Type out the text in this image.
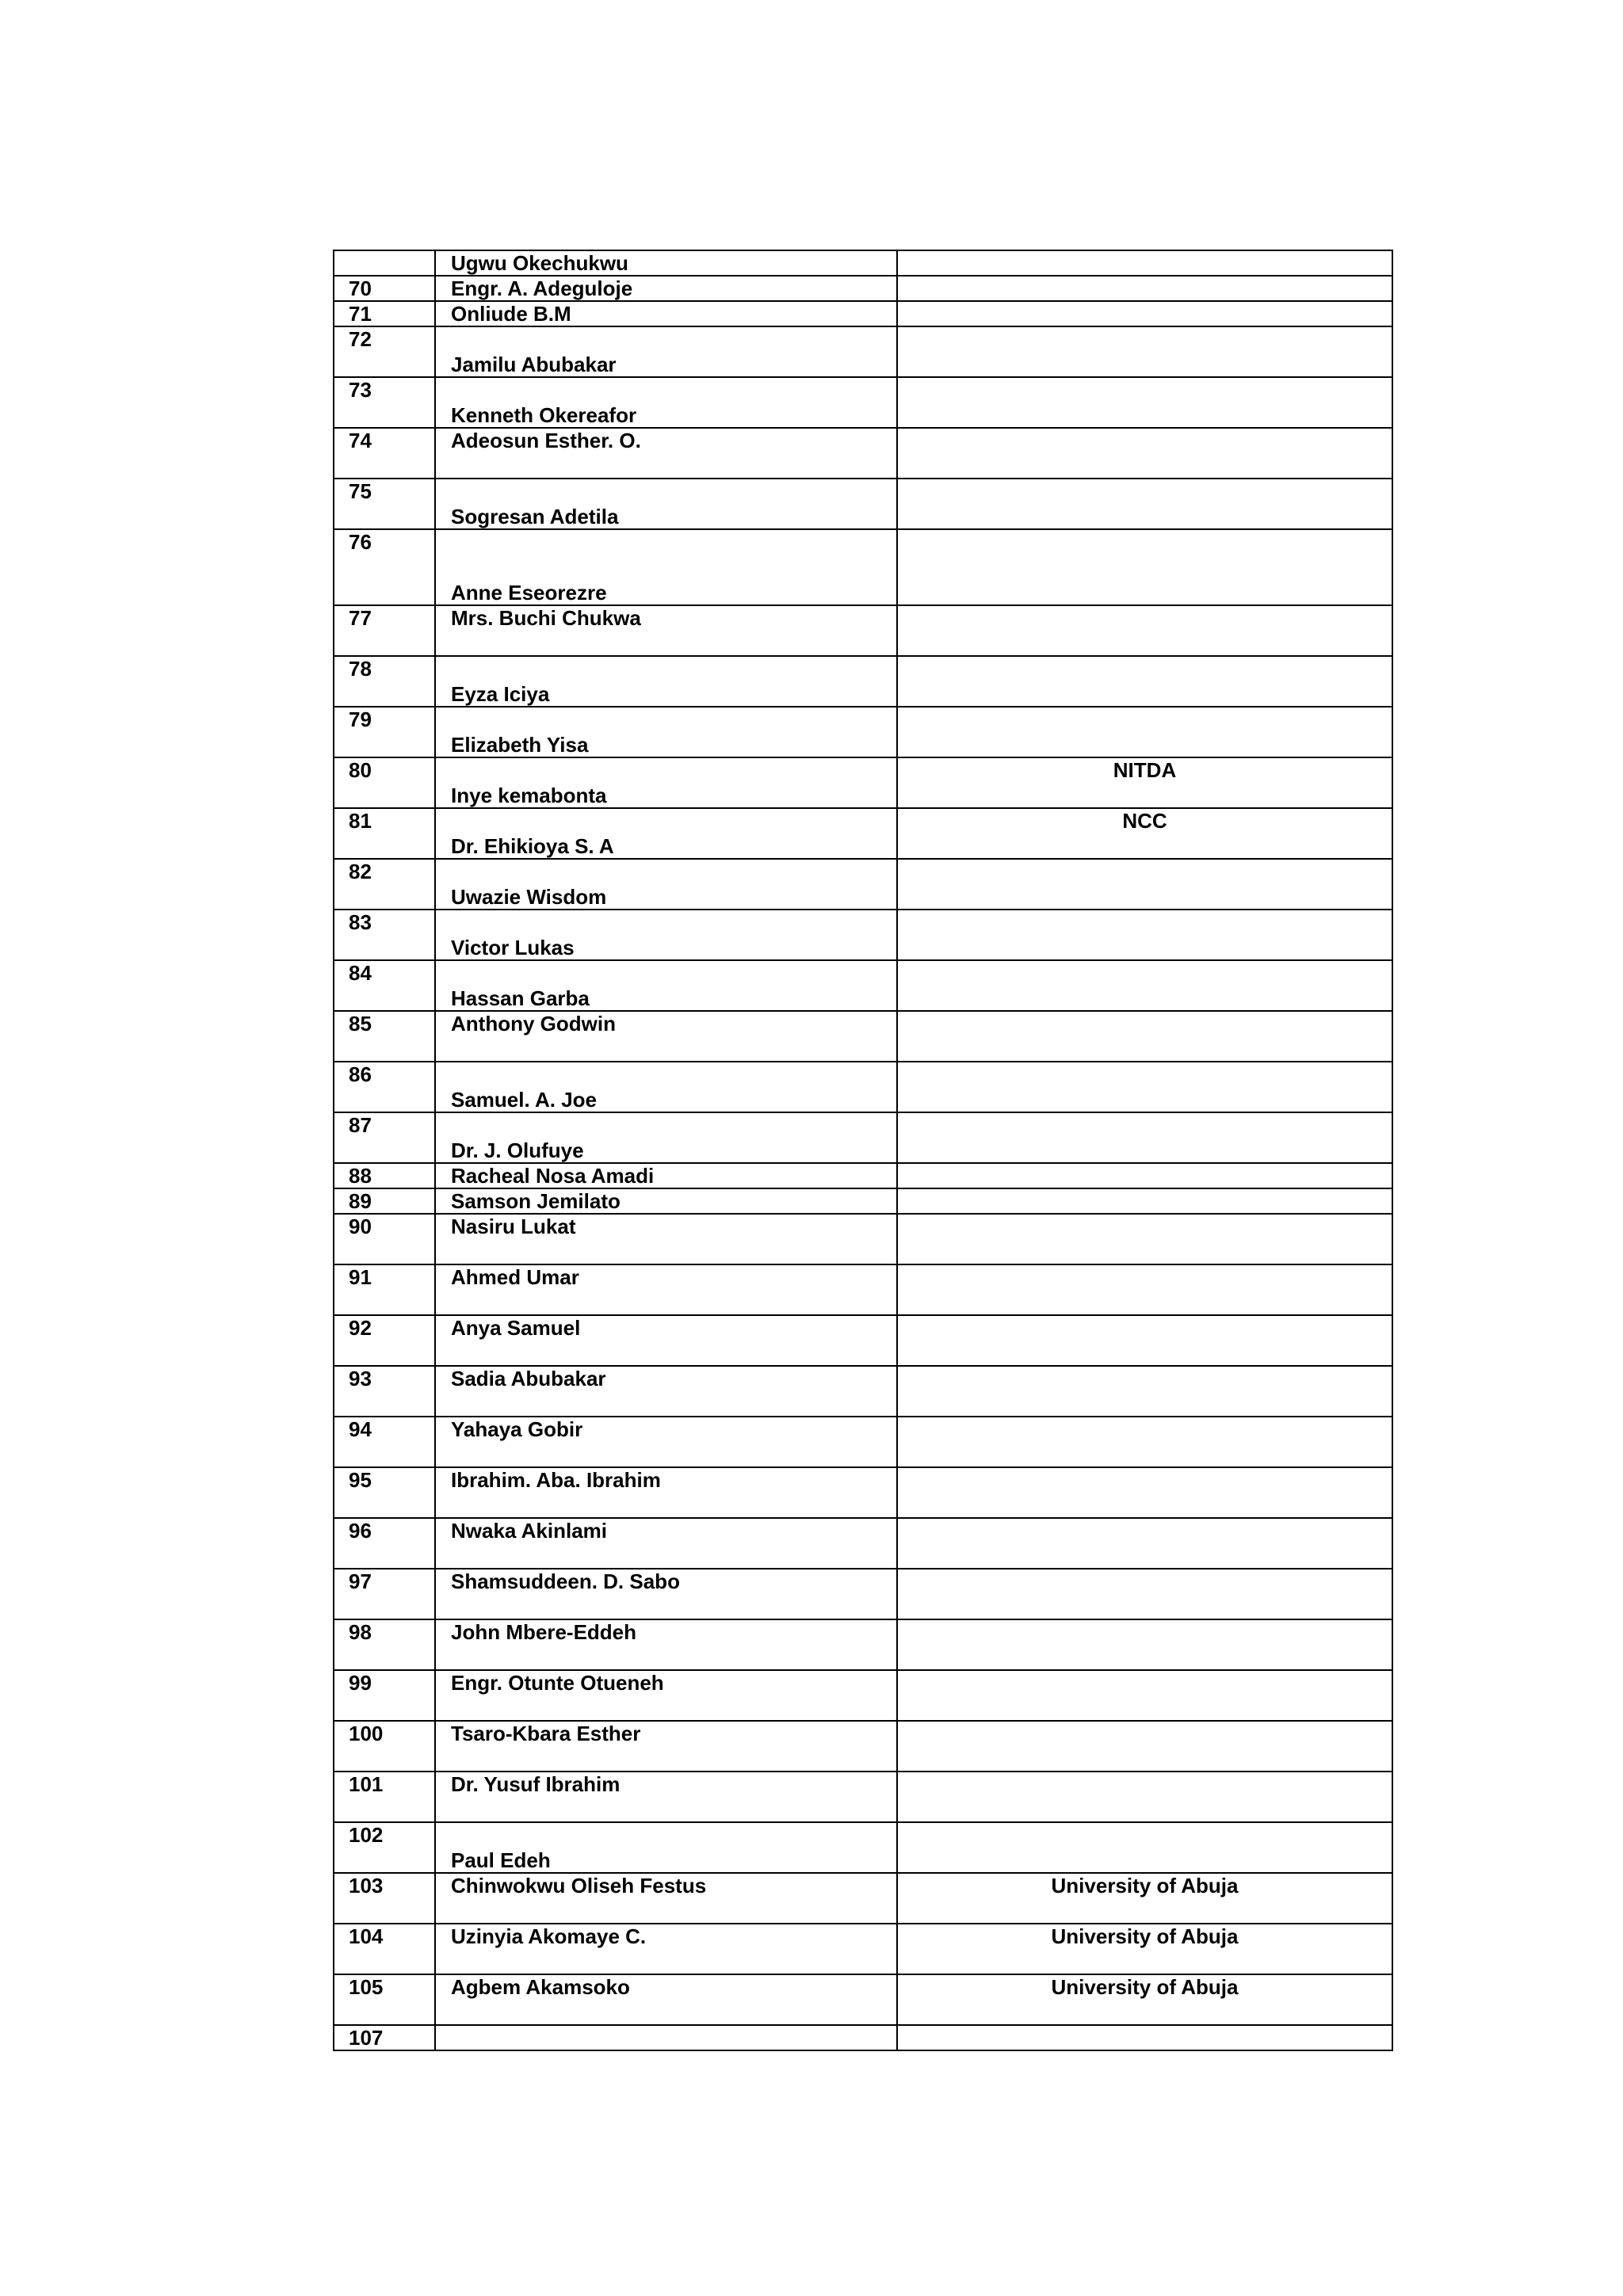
	Ugwu Okechukwu	

70	Engr. A. Adeguloje	

71	Onliude B.M	

72	Jamilu Abubakar	

73	Kenneth Okereafor	

74	Adeosun Esther. O.	

75	Sogresan Adetila	

76	Anne Eseorezre	

77	Mrs. Buchi Chukwa	

78	Eyza Iciya	

79	Elizabeth Yisa	

80	Inye kemabonta	NITDA

81	Dr. Ehikioya S. A	NCC

82	Uwazie Wisdom	

83	Victor Lukas	

84	Hassan Garba	

85	Anthony Godwin	

86	Samuel. A. Joe	

87	Dr. J. Olufuye	

88	Racheal Nosa Amadi	

89	Samson Jemilato	

90	Nasiru Lukat	

91	Ahmed Umar	

92	Anya Samuel	

93	Sadia Abubakar	

94	Yahaya Gobir	

95	Ibrahim. Aba. Ibrahim	

96	Nwaka Akinlami	

97	Shamsuddeen. D. Sabo	

98	John Mbere-Eddeh	

99	Engr. Otunte Otueneh	

100	Tsaro-Kbara Esther	

101	Dr. Yusuf Ibrahim	

102	Paul Edeh	

103	Chinwokwu Oliseh Festus	University of Abuja

104	Uzinyia Akomaye C.	University of Abuja

105	Agbem Akamsoko	University of Abuja

107		
